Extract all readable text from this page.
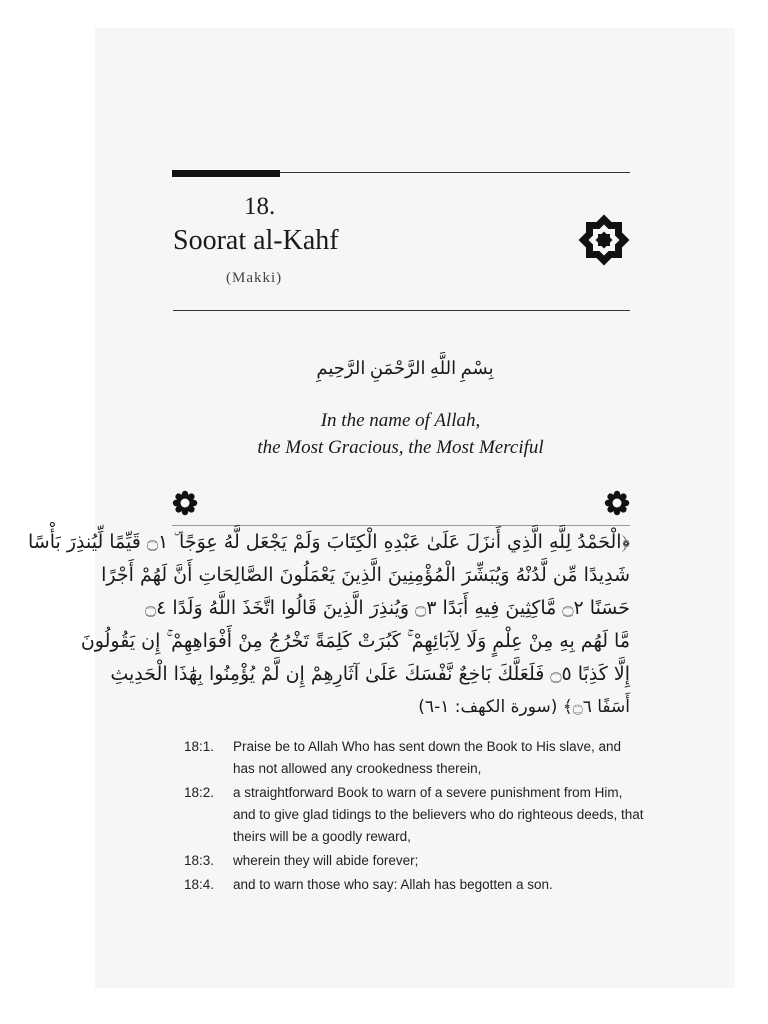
18.
Soorat al-Kahf
(Makki)
بِسْمِ اللَّهِ الرَّحْمَنِ الرَّحِيمِ
In the name of Allah,
the Most Gracious, the Most Merciful
﴿الْحَمْدُ لِلَّهِ الَّذِي أَنزَلَ عَلَىٰ عَبْدِهِ الْكِتَابَ وَلَمْ يَجْعَل لَّهُ عِوَجًا ۜ ۝١ قَيِّمًا لِّيُنذِرَ بَأْسًا
شَدِيدًا مِّن لَّدُنْهُ وَيُبَشِّرَ الْمُؤْمِنِينَ الَّذِينَ يَعْمَلُونَ الصَّالِحَاتِ أَنَّ لَهُمْ أَجْرًا
حَسَنًا ۝٢ مَّاكِثِينَ فِيهِ أَبَدًا ۝٣ وَيُنذِرَ الَّذِينَ قَالُوا اتَّخَذَ اللَّهُ وَلَدًا ۝٤
مَّا لَهُم بِهِ مِنْ عِلْمٍ وَلَا لِآبَائِهِمْ ۚ كَبُرَتْ كَلِمَةً تَخْرُجُ مِنْ أَفْوَاهِهِمْ ۚ إِن يَقُولُونَ
إِلَّا كَذِبًا ۝٥ فَلَعَلَّكَ بَاخِعٌ نَّفْسَكَ عَلَىٰ آثَارِهِمْ إِن لَّمْ يُؤْمِنُوا بِهَٰذَا الْحَدِيثِ
أَسَفًا ۝٦﴾ (سورة الكهف: ١-٦)
18:1.	Praise be to Allah Who has sent down the Book to His slave, and has not allowed any crookedness therein,
18:2.	a straightforward Book to warn of a severe punishment from Him, and to give glad tidings to the believers who do righteous deeds, that theirs will be a goodly reward,
18:3.	wherein they will abide forever;
18:4.	and to warn those who say: Allah has begotten a son.
